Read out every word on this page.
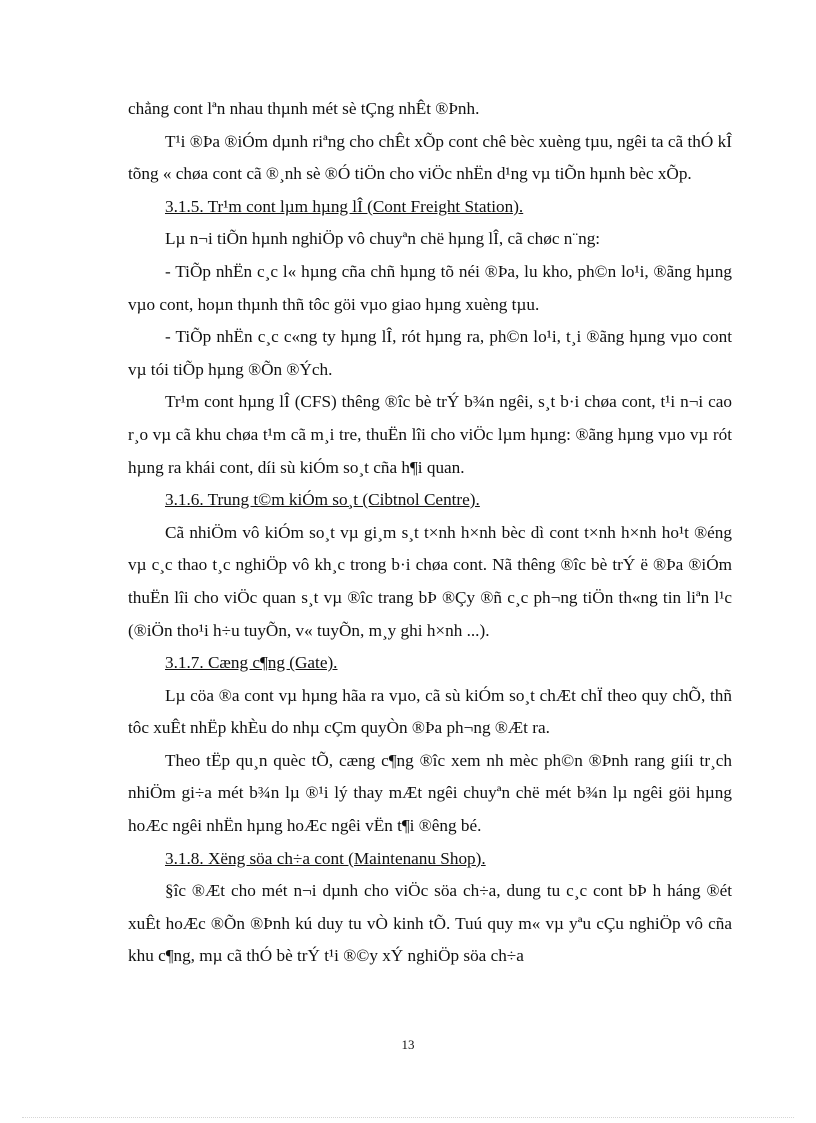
chẳng cont lªn nhau thµnh mét sè tÇng nhÊt ®Þnh.

T¹i ®Þa ®iÓm dµnh riªng cho chÊt xÕp cont chê bèc xuèng tµu, ngêi ta cã thÓ kÎ tõng « chøa cont cã ®¸nh sè ®Ó tiÖn cho viÖc nhËn d¹ng vµ tiÕn hµnh bèc xÕp.

3.1.5. Tr¹m cont lµm hµng lÎ (Cont Freight Station).

Lµ n¬i tiÕn hµnh nghiÖp vô chuyªn chë hµng lÎ, cã chøc n¨ng:

- TiÕp nhËn c¸c l« hµng cña chñ hµng tõ néi ®Þa, lu kho, ph©n lo¹i, ®ãng hµng vµo cont, hoµn thµnh thñ tôc göi vµo giao hµng xuèng tµu.

- TiÕp nhËn c¸c c«ng ty hµng lÎ, rót hµng ra, ph©n lo¹i, t¸i ®ãng hµng vµo cont vµ tói tiÕp hµng ®Õn ®Ých.

Tr¹m cont hµng lÎ (CFS) thêng ®îc bè trÝ b¾n ngêi, s¸t b·i chøa cont, t¹i n¬i cao r¸o vµ cã khu chøa t¹m cã m¸i tre, thuËn lîi cho viÖc lµm hµng: ®ãng hµng vµo vµ rót hµng ra khái cont, díi sù kiÓm so¸t cña h¶i quan.

3.1.6. Trung t©m kiÓm so¸t (Cibtnol Centre).

Cã nhiÖm vô kiÓm so¸t vµ gi¸m s¸t t×nh h×nh bèc dì cont t×nh h×nh ho¹t ®éng vµ c¸c thao t¸c nghiÖp vô kh¸c trong b·i chøa cont. Nã thêng ®îc bè trÝ ë ®Þa ®iÓm thuËn lîi cho viÖc quan s¸t vµ ®îc trang bÞ ®Çy ®ñ c¸c ph¬ng tiÖn th«ng tin liªn l¹c (®iÖn tho¹i h÷u tuyÕn, v« tuyÕn, m¸y ghi h×nh ...).

3.1.7. Cæng c¶ng (Gate).

Lµ cöa ®a cont vµ hµng hãa ra vµo, cã sù kiÓm so¸t chÆt chÏ theo quy chÕ, thñ tôc xuÊt nhËp khÈu do nhµ cÇm quyÒn ®Þa ph¬ng ®Æt ra.

Theo tËp qu¸n quèc tÕ, cæng c¶ng ®îc xem nh mèc ph©n ®Þnh rang giíi tr¸ch nhiÖm gi÷a mét b¾n lµ ®¹i lý thay mÆt ngêi chuyªn chë mét b¾n lµ ngêi göi hµng hoÆc ngêi nhËn hµng hoÆc ngêi vËn t¶i ®êng bé.

3.1.8. Xëng söa ch÷a cont (Maintenanu Shop).

§îc ®Æt cho mét n¬i dµnh cho viÖc söa ch÷a, dung tu c¸c cont bÞ h háng ®ét xuÊt hoÆc ®Õn ®Þnh kú duy tu vÒ kinh tÕ. Tuú quy m« vµ yªu cÇu nghiÖp vô cña khu c¶ng, mµ cã thÓ bè trÝ t¹i ®©y xÝ nghiÖp söa ch÷a

13
